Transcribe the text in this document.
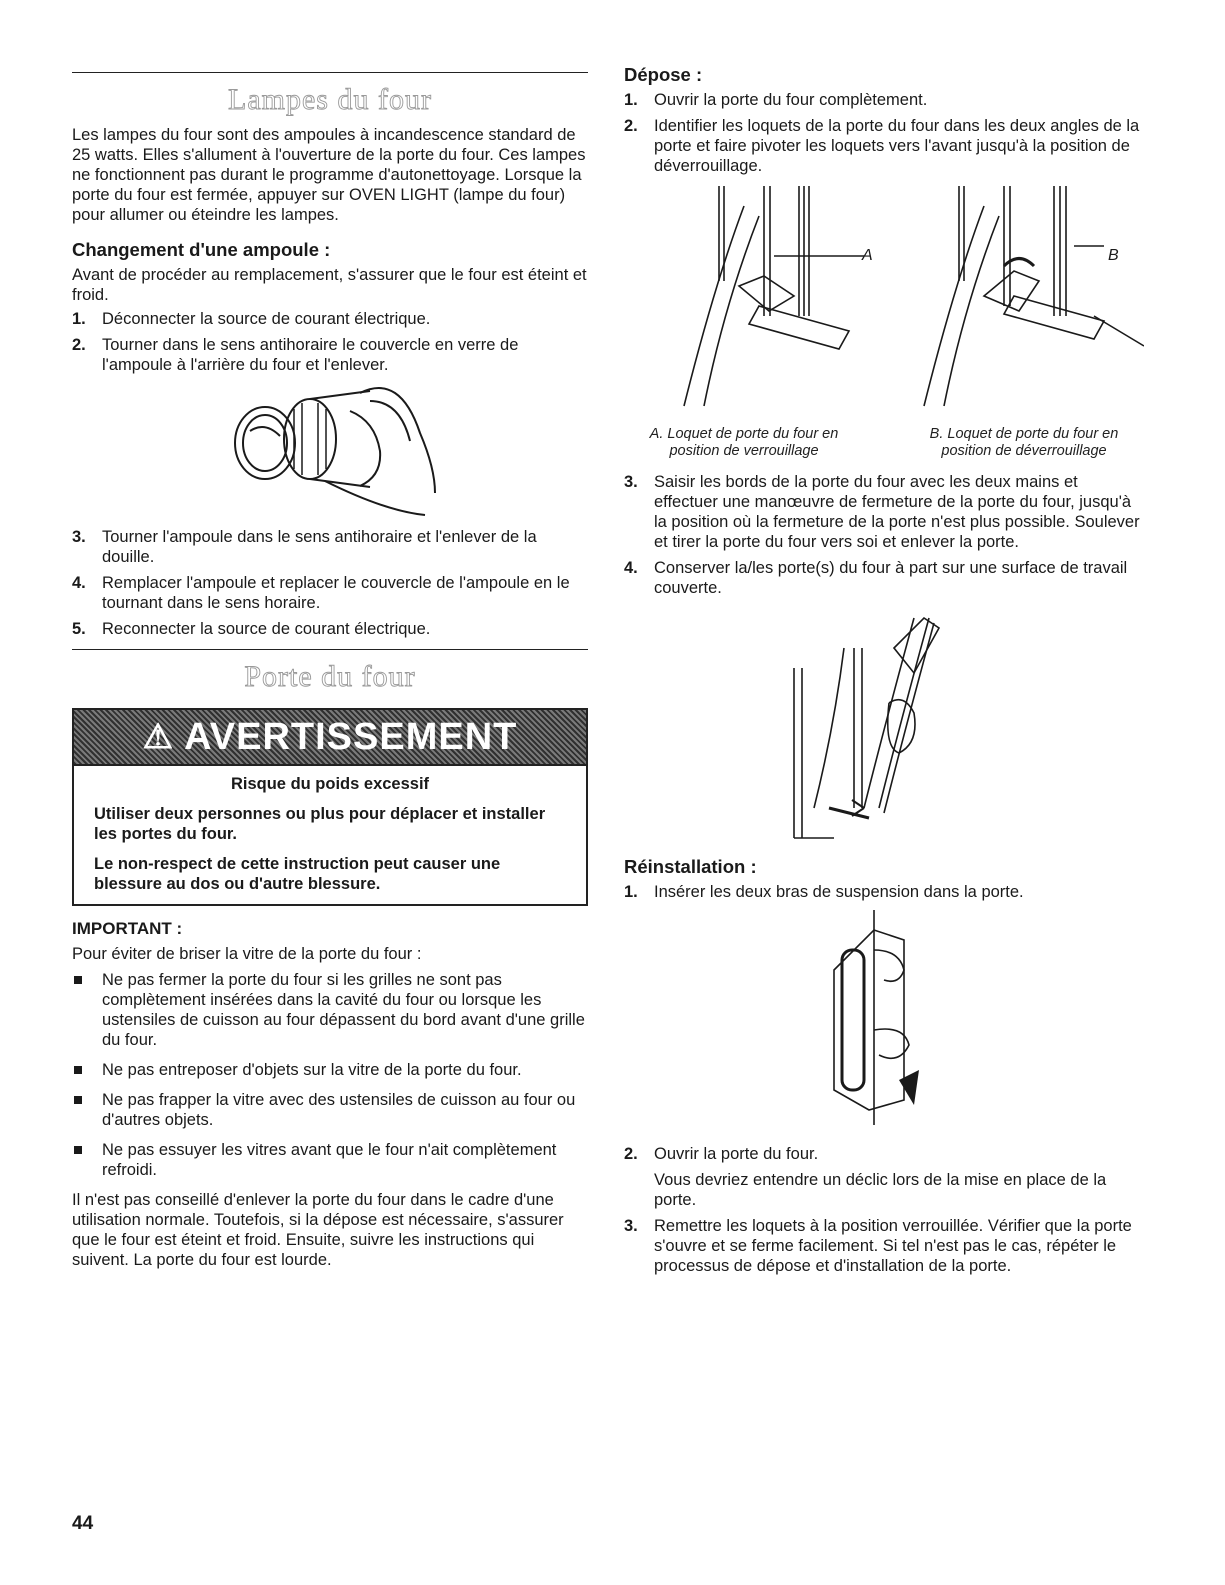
Lampes du four

Les lampes du four sont des ampoules à incandescence standard de 25 watts. Elles s'allument à l'ouverture de la porte du four. Ces lampes ne fonctionnent pas durant le programme d'autonettoyage. Lorsque la porte du four est fermée, appuyer sur OVEN LIGHT (lampe du four) pour allumer ou éteindre les lampes.

Changement d'une ampoule :

Avant de procéder au remplacement, s'assurer que le four est éteint et froid.

1. Déconnecter la source de courant électrique.
2. Tourner dans le sens antihoraire le couvercle en verre de l'ampoule à l'arrière du four et l'enlever.
3. Tourner l'ampoule dans le sens antihoraire et l'enlever de la douille.
4. Remplacer l'ampoule et replacer le couvercle de l'ampoule en le tournant dans le sens horaire.
5. Reconnecter la source de courant électrique.
Porte du four
⚠ AVERTISSEMENT

Risque du poids excessif

Utiliser deux personnes ou plus pour déplacer et installer les portes du four.

Le non-respect de cette instruction peut causer une blessure au dos ou d'autre blessure.

IMPORTANT :

Pour éviter de briser la vitre de la porte du four :

Ne pas fermer la porte du four si les grilles ne sont pas complètement insérées dans la cavité du four ou lorsque les ustensiles de cuisson au four dépassent du bord avant d'une grille du four.
Ne pas entreposer d'objets sur la vitre de la porte du four.
Ne pas frapper la vitre avec des ustensiles de cuisson au four ou d'autres objets.
Ne pas essuyer les vitres avant que le four n'ait complètement refroidi.

Il n'est pas conseillé d'enlever la porte du four dans le cadre d'une utilisation normale. Toutefois, si la dépose est nécessaire, s'assurer que le four est éteint et froid. Ensuite, suivre les instructions qui suivent. La porte du four est lourde.

Dépose :
1. Ouvrir la porte du four complètement.
2. Identifier les loquets de la porte du four dans les deux angles de la porte et faire pivoter les loquets vers l'avant jusqu'à la position de déverrouillage.
A	B
A. Loquet de porte du four en
position de verrouillage
B. Loquet de porte du four en
position de déverrouillage
3. Saisir les bords de la porte du four avec les deux mains et effectuer une manœuvre de fermeture de la porte du four, jusqu'à la position où la fermeture de la porte n'est plus possible. Soulever et tirer la porte du four vers soi et enlever la porte.
4. Conserver la/les porte(s) du four à part sur une surface de travail couverte.
Réinstallation :
1. Insérer les deux bras de suspension dans la porte.
2. Ouvrir la porte du four.
Vous devriez entendre un déclic lors de la mise en place de la porte.
3. Remettre les loquets à la position verrouillée. Vérifier que la porte s'ouvre et se ferme facilement. Si tel n'est pas le cas, répéter le processus de dépose et d'installation de la porte.
44
